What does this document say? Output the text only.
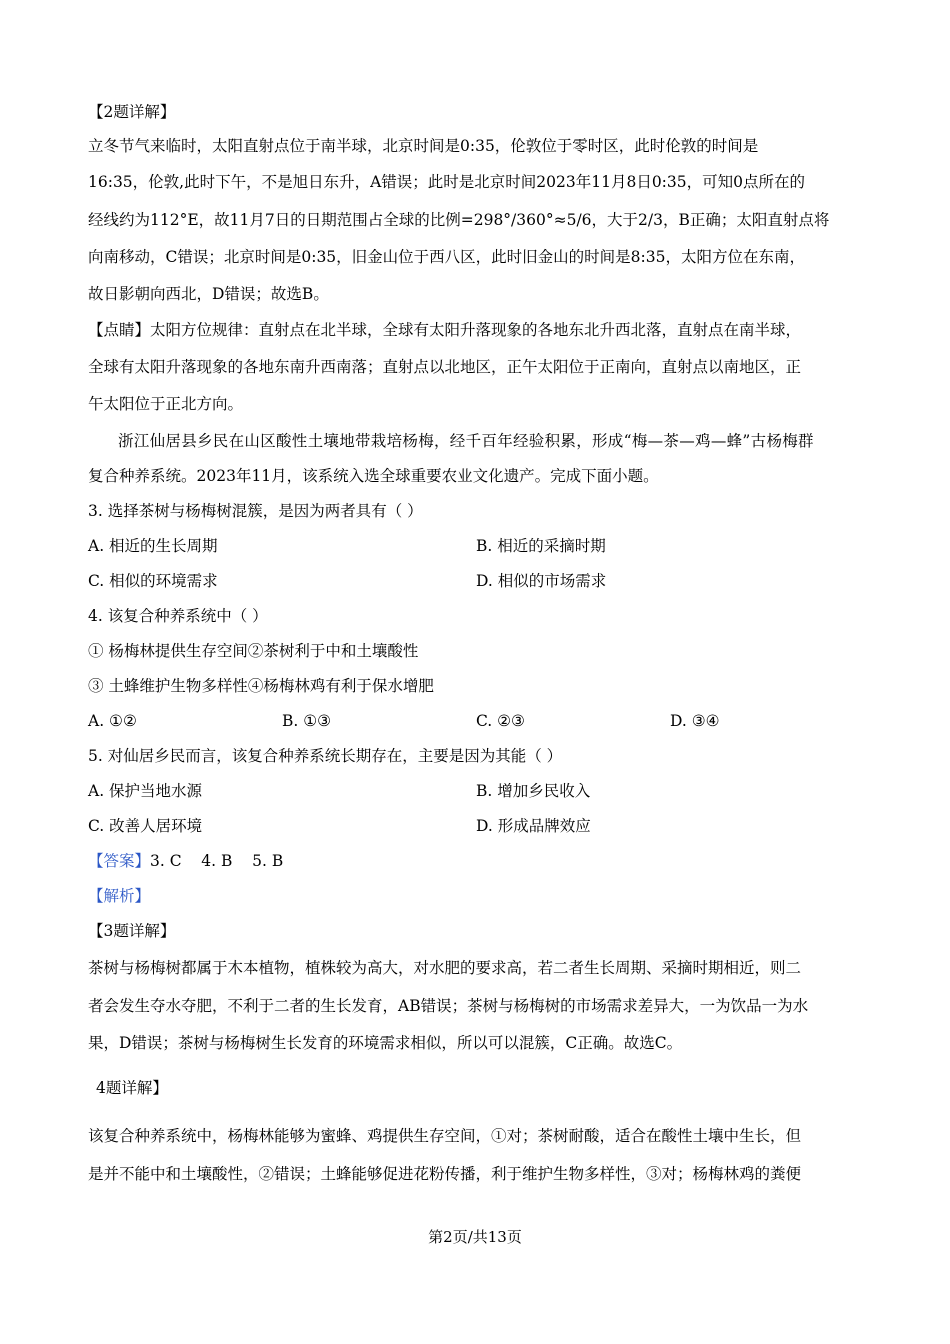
【2题详解】
立冬节气来临时，太阳直射点位于南半球，北京时间是0:35，伦敦位于零时区，此时伦敦的时间是
16:35，伦敦,此时下午，不是旭日东升，A错误；此时是北京时间2023年11月8日0:35，可知0点所在的
经线约为112°E，故11月7日的日期范围占全球的比例=298°/360°≈5/6，大于2/3，B正确；太阳直射点将
向南移动，C错误；北京时间是0:35，旧金山位于西八区，此时旧金山的时间是8:35，太阳方位在东南，
故日影朝向西北，D错误；故选B。
【点睛】太阳方位规律：直射点在北半球，全球有太阳升落现象的各地东北升西北落，直射点在南半球，
全球有太阳升落现象的各地东南升西南落；直射点以北地区，正午太阳位于正南向，直射点以南地区，正
午太阳位于正北方向。
浙江仙居县乡民在山区酸性土壤地带栽培杨梅，经千百年经验积累，形成“梅—茶—鸡—蜂”古杨梅群
复合种养系统。2023年11月，该系统入选全球重要农业文化遗产。完成下面小题。
3. 选择茶树与杨梅树混簇，是因为两者具有（ ）
A. 相近的生长周期	B. 相近的采摘时期
C. 相似的环境需求	D. 相似的市场需求
4. 该复合种养系统中（ ）
① 杨梅林提供生存空间②茶树利于中和土壤酸性
③ 土蜂维护生物多样性④杨梅林鸡有利于保水增肥
A. ①②	B. ①③	C. ②③	D. ③④
5. 对仙居乡民而言，该复合种养系统长期存在，主要是因为其能（ ）
A. 保护当地水源	B. 增加乡民收入
C. 改善人居环境	D. 形成品牌效应
【答案】3. C    4. B    5. B
【解析】
【3题详解】
茶树与杨梅树都属于木本植物，植株较为高大，对水肥的要求高，若二者生长周期、采摘时期相近，则二
者会发生夺水夺肥，不利于二者的生长发育，AB错误；茶树与杨梅树的市场需求差异大，一为饮品一为水
果，D错误；茶树与杨梅树生长发育的环境需求相似，所以可以混簇，C正确。故选C。
4题详解】
该复合种养系统中，杨梅林能够为蜜蜂、鸡提供生存空间，①对；茶树耐酸，适合在酸性土壤中生长，但
是并不能中和土壤酸性，②错误；土蜂能够促进花粉传播，利于维护生物多样性，③对；杨梅林鸡的粪便
第2页/共13页
